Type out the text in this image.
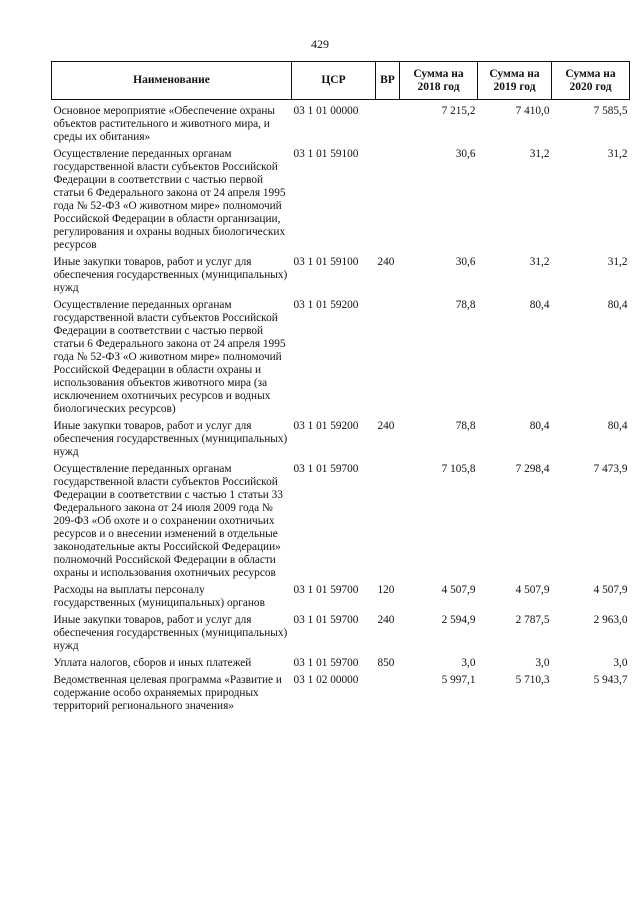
429
Наименование	ЦСР	ВР	Сумма на 2018 год	Сумма на 2019 год	Сумма на 2020 год
Основное мероприятие «Обеспечение охраны объектов растительного и животного мира, и среды их обитания»	03 1 01 00000		7 215,2	7 410,0	7 585,5

Осуществление переданных органам государственной власти субъектов Российской Федерации в соответствии с частью первой статьи 6 Федерального закона от 24 апреля 1995 года № 52-ФЗ «О животном мире» полномочий Российской Федерации в области организации, регулирования и охраны водных биологических ресурсов	03 1 01 59100		30,6	31,2	31,2

Иные закупки товаров, работ и услуг для обеспечения государственных (муниципальных) нужд	03 1 01 59100	240	30,6	31,2	31,2

Осуществление переданных органам государственной власти субъектов Российской Федерации в соответствии с частью первой статьи 6 Федерального закона от 24 апреля 1995 года № 52-ФЗ «О животном мире» полномочий Российской Федерации в области охраны и использования объектов животного мира (за исключением охотничьих ресурсов и водных биологических ресурсов)	03 1 01 59200		78,8	80,4	80,4

Иные закупки товаров, работ и услуг для обеспечения государственных (муниципальных) нужд	03 1 01 59200	240	78,8	80,4	80,4

Осуществление переданных органам государственной власти субъектов Российской Федерации в соответствии с частью 1 статьи 33 Федерального закона от 24 июля 2009 года № 209-ФЗ «Об охоте и о сохранении охотничьих ресурсов и о внесении изменений в отдельные законодательные акты Российской Федерации» полномочий Российской Федерации в области охраны и использования охотничьих ресурсов	03 1 01 59700		7 105,8	7 298,4	7 473,9

Расходы на выплаты персоналу государственных (муниципальных) органов	03 1 01 59700	120	4 507,9	4 507,9	4 507,9

Иные закупки товаров, работ и услуг для обеспечения государственных (муниципальных) нужд	03 1 01 59700	240	2 594,9	2 787,5	2 963,0

Уплата налогов, сборов и иных платежей	03 1 01 59700	850	3,0	3,0	3,0

Ведомственная целевая программа «Развитие и содержание особо охраняемых природных территорий регионального значения»	03 1 02 00000		5 997,1	5 710,3	5 943,7
